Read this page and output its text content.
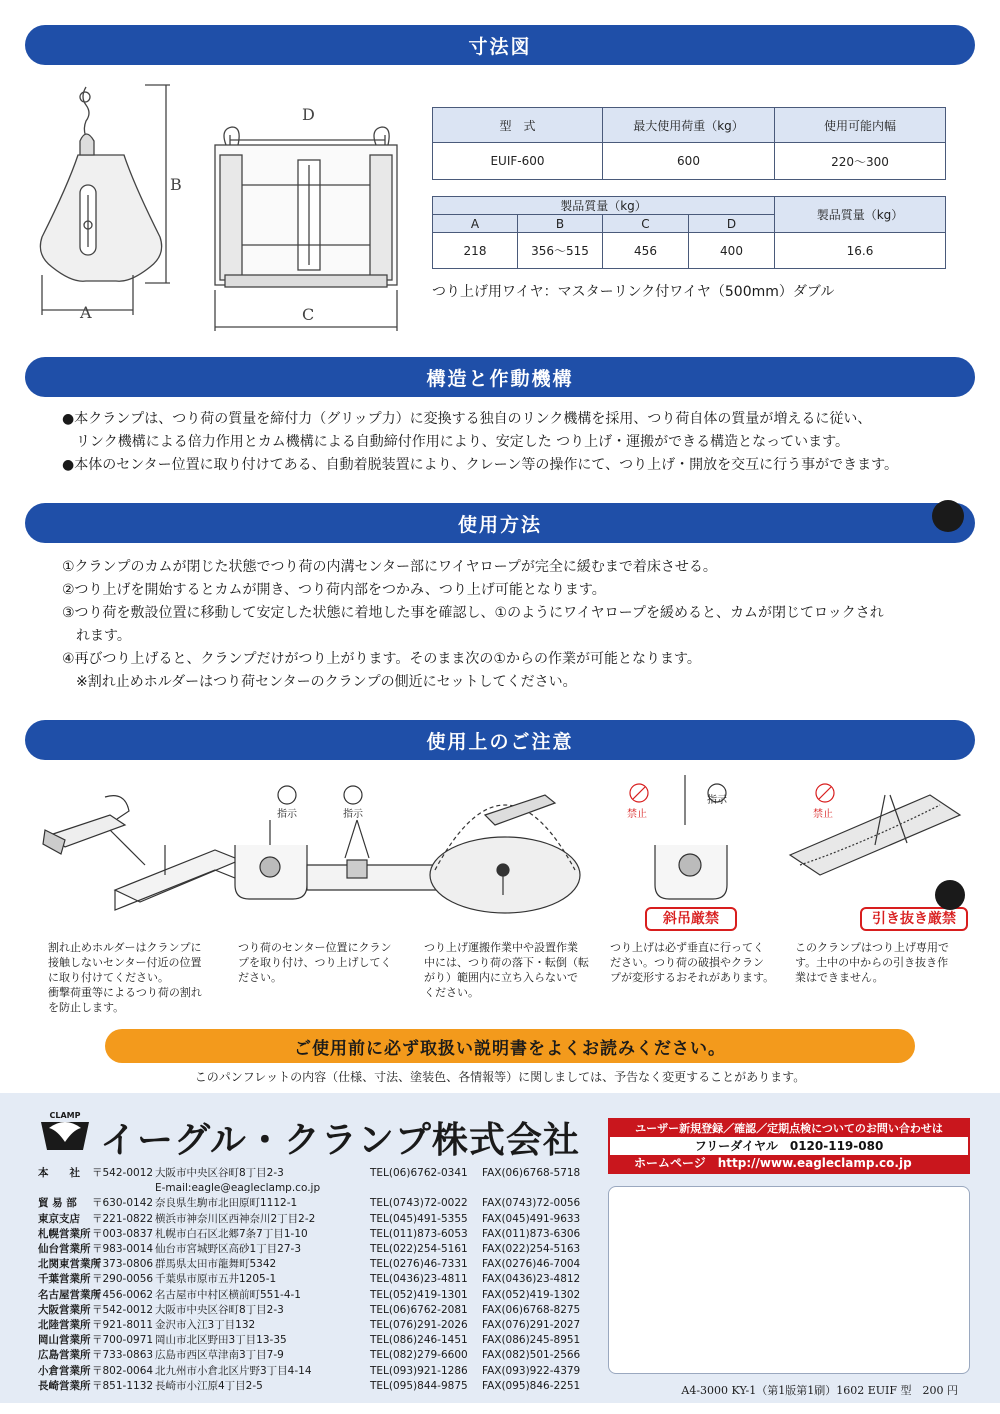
寸法図
構造と作動機構
使用方法
使用上のご注意
B
A	C
D
型　式	最大使用荷重（kg）	使用可能内幅
EUIF-600	600	220～300
製品質量（kg）				製品質量（kg）
A	B	C	D	
218	356～515	456	400	16.6
つり上げ用ワイヤ：マスターリンク付ワイヤ（500mm）ダブル
●本クランプは、つり荷の質量を締付力（グリップ力）に変換する独自のリンク機構を採用、つり荷自体の質量が増えるに従い、
　リンク機構による倍力作用とカム機構による自動締付作用により、安定した つり上げ・運搬ができる構造となっています。
●本体のセンター位置に取り付けてある、自動着脱装置により、クレーン等の操作にて、つり上げ・開放を交互に行う事ができます。
①クランプのカムが閉じた状態でつり荷の内溝センター部にワイヤロープが完全に緩むまで着床させる。
②つり上げを開始するとカムが開き、つり荷内部をつかみ、つり上げ可能となります。
③つり荷を敷設位置に移動して安定した状態に着地した事を確認し、①のようにワイヤロープを緩めると、カムが閉じてロックされ
　れます。
④再びつり上げると、クランプだけがつり上がります。そのまま次の①からの作業が可能となります。
　※割れ止めホルダーはつり荷センターのクランプの側近にセットしてください。
指示	指示	禁止
指示
禁止
斜吊厳禁	引き抜き厳禁
割れ止めホルダーはクランプに
接触しないセンター付近の位置
に取り付けてください。
衝撃荷重等によるつり荷の割れ
を防止します。
つり荷のセンター位置にクラン
プを取り付け、つり上げしてく
ださい。
つり上げ運搬作業中や設置作業
中には、つり荷の落下・転倒（転
がり）範囲内に立ち入らないで
ください。
つり上げは必ず垂直に行ってく
ださい。つり荷の破損やクラン
プが変形するおそれがあります。
このクランプはつり上げ専用で
す。土中の中からの引き抜き作
業はできません。
ご使用前に必ず取扱い説明書をよくお読みください。
このパンフレットの内容（仕様、寸法、塗装色、各情報等）に関しましては、予告なく変更することがあります。
CLAMP
イーグル・クランプ株式会社
本　　社 〒542-0012 大阪市中央区谷町8丁目2-3	TEL(06)6762-0341 FAX(06)6768-5718
E-mail:eagle@eagleclamp.co.jp
貿 易 部 〒630-0142 奈良県生駒市北田原町1112-1	TEL(0743)72-0022 FAX(0743)72-0056
東京支店 〒221-0822 横浜市神奈川区西神奈川2丁目2-2	TEL(045)491-5355 FAX(045)491-9633
札幌営業所 〒003-0837 札幌市白石区北郷7条7丁目1-10	TEL(011)873-6053 FAX(011)873-6306
仙台営業所 〒983-0014 仙台市宮城野区高砂1丁目27-3	TEL(022)254-5161 FAX(022)254-5163
北関東営業所
〒373-0806 群馬県太田市龍舞町5342	TEL(0276)46-7331 FAX(0276)46-7004
千葉営業所 〒290-0056 千葉県市原市五井1205-1	TEL(0436)23-4811 FAX(0436)23-4812
名古屋営業所
〒456-0062 名古屋市中村区横前町551-4-1	TEL(052)419-1301 FAX(052)419-1302
大阪営業所 〒542-0012 大阪市中央区谷町8丁目2-3	TEL(06)6762-2081 FAX(06)6768-8275
北陸営業所 〒921-8011 金沢市入江3丁目132	TEL(076)291-2026 FAX(076)291-2027
岡山営業所 〒700-0971 岡山市北区野田3丁目13-35	TEL(086)246-1451 FAX(086)245-8951
広島営業所 〒733-0863 広島市西区草津南3丁目7-9	TEL(082)279-6600 FAX(082)501-2566
小倉営業所 〒802-0064 北九州市小倉北区片野3丁目4-14	TEL(093)921-1286 FAX(093)922-4379
長崎営業所 〒851-1132 長崎市小江原4丁目2-5	TEL(095)844-9875 FAX(095)846-2251
ユーザー新規登録／確認／定期点検についてのお問い合わせは
フリーダイヤル　0120-119-080
ホームページ　http://www.eagleclamp.co.jp
A4-3000 KY-1（第1版第1刷）1602 EUIF 型　200 円
